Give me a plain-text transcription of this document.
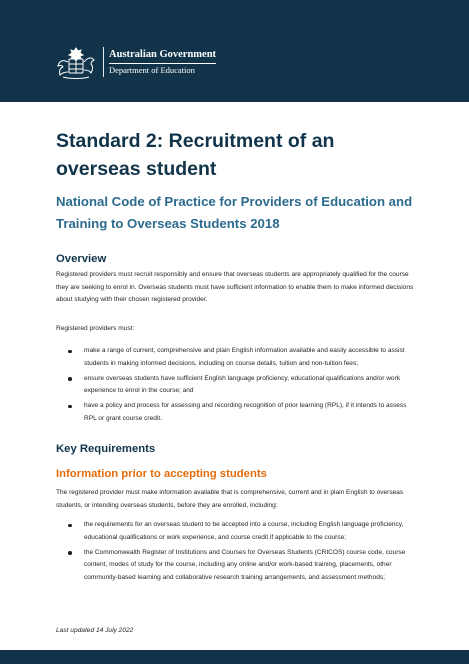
Australian Government
Department of Education
Standard 2: Recruitment of an overseas student
National Code of Practice for Providers of Education and Training to Overseas Students 2018
Overview

Registered providers must recruit responsibly and ensure that overseas students are appropriately qualified for the course they are seeking to enrol in. Overseas students must have sufficient information to enable them to make informed decisions about studying with their chosen registered provider.

Registered providers must:

make a range of current, comprehensive and plain English information available and easily accessible to assist students in making informed decisions, including on course details, tuition and non-tuition fees;
ensure overseas students have sufficient English language proficiency, educational qualifications and/or work experience to enrol in the course; and
have a policy and process for assessing and recording recognition of prior learning (RPL), if it intends to assess RPL or grant course credit.
Key Requirements
Information prior to accepting students

The registered provider must make information available that is comprehensive, current and in plain English to overseas students, or intending overseas students, before they are enrolled, including:

the requirements for an overseas student to be accepted into a course, including English language proficiency, educational qualifications or work experience, and course credit if applicable to the course;
the Commonwealth Register of Institutions and Courses for Overseas Students (CRICOS) course code, course content, modes of study for the course, including any online and/or work-based training, placements, other community-based learning and collaborative research training arrangements, and assessment methods;
Last updated 14 July 2022
